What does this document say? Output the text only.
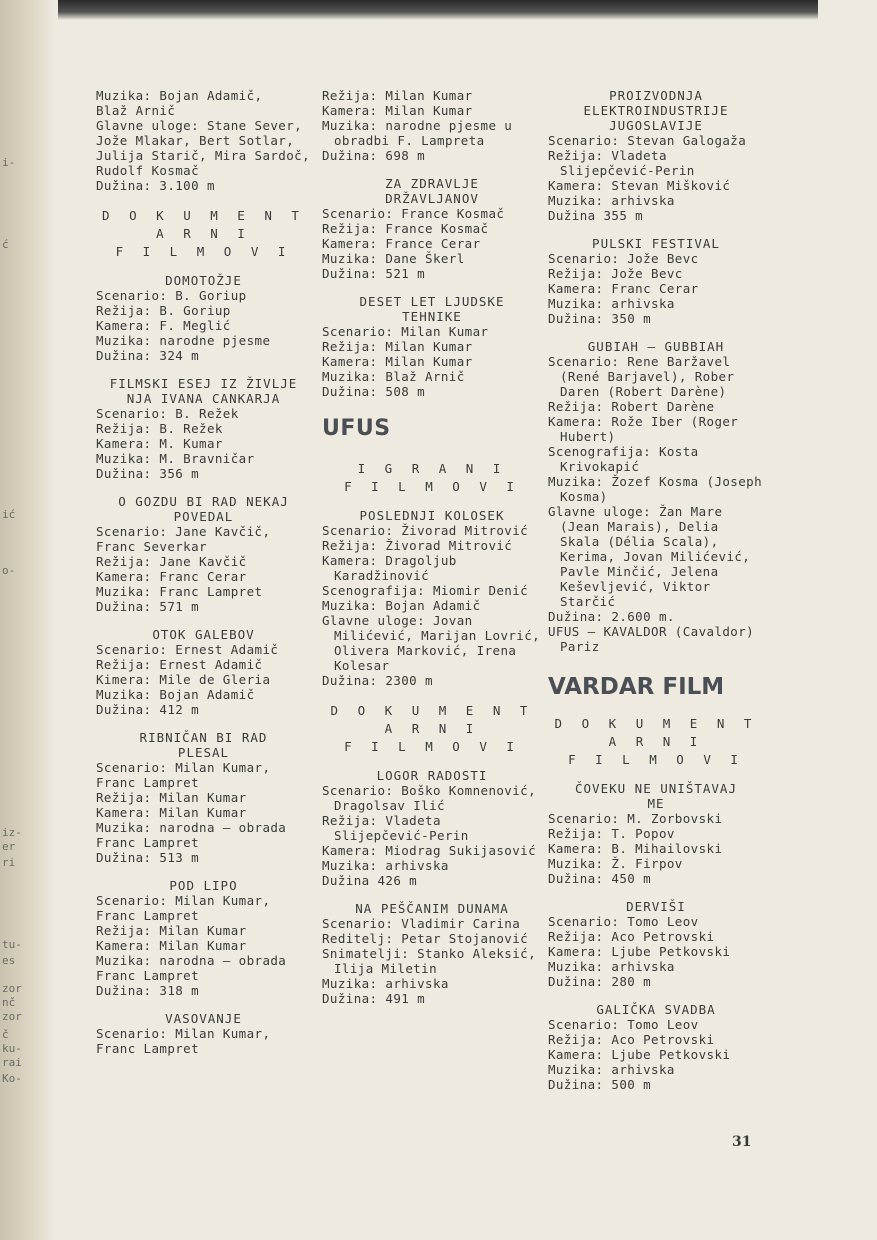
i-
ć
ić
o-
iz-
er
ri
tu-
es
zor
nč
zor
č
ku-
rai
Ko-
Muzika: Bojan Adamič,
Blaž Arnič
Glavne uloge: Stane Sever,
Jože Mlakar, Bert Sotlar,
Julija Starič, Mira Sardoč,
Rudolf Kosmač
Dužina: 3.100 m
D O K U M E N T A R N I
F I L M O V I
DOMOTOŽJE
Scenario: B. Goriup
Režija: B. Goriup
Kamera: F. Meglić
Muzika: narodne pjesme
Dužina: 324 m
FILMSKI ESEJ IZ ŽIVLJE
NJA IVANA CANKARJA
Scenario: B. Režek
Režija: B. Režek
Kamera: M. Kumar
Muzika: M. Bravničar
Dužina: 356 m
O GOZDU BI RAD NEKAJ
POVEDAL
Scenario: Jane Kavčič,
Franc Severkar
Režija: Jane Kavčič
Kamera: Franc Cerar
Muzika: Franc Lampret
Dužina: 571 m
OTOK GALEBOV
Scenario: Ernest Adamič
Režija: Ernest Adamič
Kimera: Mile de Gleria
Muzika: Bojan Adamič
Dužina: 412 m
RIBNIČAN BI RAD
PLESAL
Scenario: Milan Kumar,
Franc Lampret
Režija: Milan Kumar
Kamera: Milan Kumar
Muzika: narodna — obrada
Franc Lampret
Dužina: 513 m
POD LIPO
Scenario: Milan Kumar,
Franc Lampret
Režija: Milan Kumar
Kamera: Milan Kumar
Muzika: narodna — obrada
Franc Lampret
Dužina: 318 m
VASOVANJE
Scenario: Milan Kumar,
Franc Lampret
Režija: Milan Kumar
Kamera: Milan Kumar
Muzika: narodne pjesme u obradbi F. Lampreta
Dužina: 698 m
ZA ZDRAVLJE
DRŽAVLJANOV
Scenario: France Kosmač
Režija: France Kosmač
Kamera: France Cerar
Muzika: Dane Škerl
Dužina: 521 m
DESET LET LJUDSKE
TEHNIKE
Scenario: Milan Kumar
Režija: Milan Kumar
Kamera: Milan Kumar
Muzika: Blaž Arnič
Dužina: 508 m
UFUS
I G R A N I
F I L M O V I
POSLEDNJI KOLOSEK
Scenario: Živorad Mitrović
Režija: Živorad Mitrović
Kamera: Dragoljub Karadžinović
Scenografija: Miomir Denić
Muzika: Bojan Adamič
Glavne uloge: Jovan Milićević, Marijan Lovrić, Olivera Marković, Irena Kolesar
Dužina: 2300 m
D O K U M E N T A R N I
F I L M O V I
LOGOR RADOSTI
Scenario: Boško Komnenović, Dragolsav Ilić
Režija: Vladeta Slijepčević-Perin
Kamera: Miodrag Sukijasović
Muzika: arhivska
Dužina 426 m
NA PEŠČANIM DUNAMA
Scenario: Vladimir Carina
Reditelj: Petar Stojanović
Snimatelji: Stanko Aleksić, Ilija Miletin
Muzika: arhivska
Dužina: 491 m
PROIZVODNJA
ELEKTROINDUSTRIJE
JUGOSLAVIJE
Scenario: Stevan Galogaža
Režija: Vladeta Slijepčević-Perin
Kamera: Stevan Mišković
Muzika: arhivska
Dužina 355 m
PULSKI FESTIVAL
Scenario: Jože Bevc
Režija: Jože Bevc
Kamera: Franc Cerar
Muzika: arhivska
Dužina: 350 m
GUBIAH — GUBBIAH
Scenario: Rene Baržavel (René Barjavel), Rober Daren (Robert Darène)
Režija: Robert Darène
Kamera: Rože Iber (Roger Hubert)
Scenografija: Kosta Krivokapić
Muzika: Žozef Kosma (Joseph Kosma)
Glavne uloge: Žan Mare (Jean Marais), Delia Skala (Délia Scala), Kerima, Jovan Milićević, Pavle Minčić, Jelena Keševljević, Viktor Starčić
Dužina: 2.600 m.
UFUS — KAVALDOR (Cavaldor) Pariz
VARDAR FILM
D O K U M E N T A R N I
F I L M O V I
ČOVEKU NE UNIŠTAVAJ
ME
Scenario: M. Zorbovski
Režija: T. Popov
Kamera: B. Mihailovski
Muzika: Ž. Firpov
Dužina: 450 m
DERVIŠI
Scenario: Tomo Leov
Režija: Aco Petrovski
Kamera: Ljube Petkovski
Muzika: arhivska
Dužina: 280 m
GALIČKA SVADBA
Scenario: Tomo Leov
Režija: Aco Petrovski
Kamera: Ljube Petkovski
Muzika: arhivska
Dužina: 500 m
31
